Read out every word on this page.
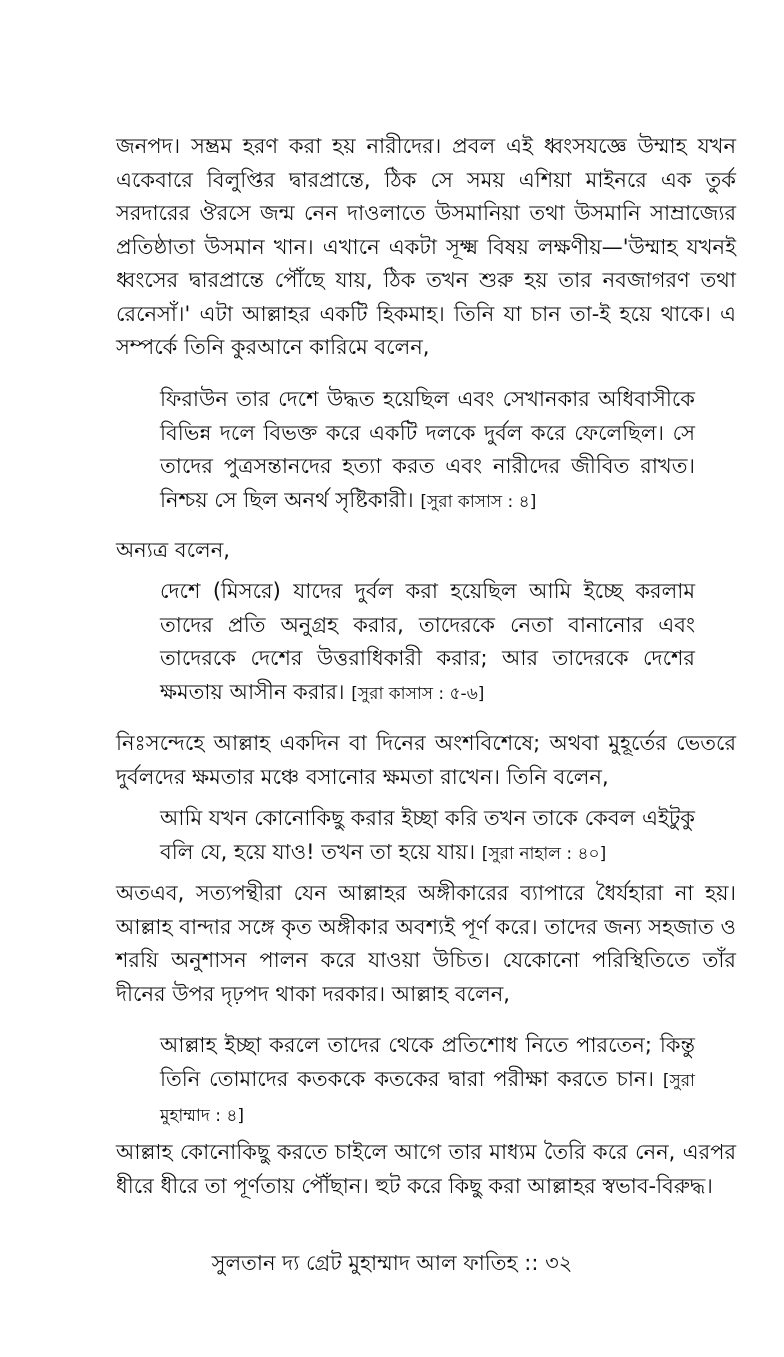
জনপদ। সম্ভ্রম হরণ করা হয় নারীদের। প্রবল এই ধ্বংসযজ্ঞে উম্মাহ যখন একেবারে বিলুপ্তির দ্বারপ্রান্তে, ঠিক সে সময় এশিয়া মাইনরে এক তুর্ক সরদারের ঔরসে জন্ম নেন দাওলাতে উসমানিয়া তথা উসমানি সাম্রাজ্যের প্রতিষ্ঠাতা উসমান খান। এখানে একটা সূক্ষ্ম বিষয় লক্ষণীয়—'উম্মাহ যখনই ধ্বংসের দ্বারপ্রান্তে পৌঁছে যায়, ঠিক তখন শুরু হয় তার নবজাগরণ তথা রেনেসাঁ।' এটা আল্লাহর একটি হিকমাহ। তিনি যা চান তা-ই হয়ে থাকে। এ সম্পর্কে তিনি কুরআনে কারিমে বলেন,

ফিরাউন তার দেশে উদ্ধত হয়েছিল এবং সেখানকার অধিবাসীকে বিভিন্ন দলে বিভক্ত করে একটি দলকে দুর্বল করে ফেলেছিল। সে তাদের পুত্রসন্তানদের হত্যা করত এবং নারীদের জীবিত রাখত। নিশ্চয় সে ছিল অনর্থ সৃষ্টিকারী। [সুরা কাসাস : ৪]

অন্যত্র বলেন,

দেশে (মিসরে) যাদের দুর্বল করা হয়েছিল আমি ইচ্ছে করলাম তাদের প্রতি অনুগ্রহ করার, তাদেরকে নেতা বানানোর এবং তাদেরকে দেশের উত্তরাধিকারী করার; আর তাদেরকে দেশের ক্ষমতায় আসীন করার। [সুরা কাসাস : ৫-৬]

নিঃসন্দেহে আল্লাহ একদিন বা দিনের অংশবিশেষে; অথবা মুহূর্তের ভেতরে দুর্বলদের ক্ষমতার মঞ্চে বসানোর ক্ষমতা রাখেন। তিনি বলেন,

আমি যখন কোনোকিছু করার ইচ্ছা করি তখন তাকে কেবল এইটুকু বলি যে, হয়ে যাও! তখন তা হয়ে যায়। [সুরা নাহাল : ৪০]

অতএব, সত্যপন্থীরা যেন আল্লাহর অঙ্গীকারের ব্যাপারে ধৈর্যহারা না হয়। আল্লাহ বান্দার সঙ্গে কৃত অঙ্গীকার অবশ্যই পূর্ণ করে। তাদের জন্য সহজাত ও শরয়ি অনুশাসন পালন করে যাওয়া উচিত। যেকোনো পরিস্থিতিতে তাঁর দীনের উপর দৃঢ়পদ থাকা দরকার। আল্লাহ বলেন,

আল্লাহ ইচ্ছা করলে তাদের থেকে প্রতিশোধ নিতে পারতেন; কিন্তু তিনি তোমাদের কতককে কতকের দ্বারা পরীক্ষা করতে চান। [সুরা মুহাম্মাদ : ৪]

আল্লাহ কোনোকিছু করতে চাইলে আগে তার মাধ্যম তৈরি করে নেন, এরপর ধীরে ধীরে তা পূর্ণতায় পৌঁছান। হুট করে কিছু করা আল্লাহর স্বভাব-বিরুদ্ধ।

সুলতান দ্য গ্রেট মুহাম্মাদ আল ফাতিহ :: ৩২
